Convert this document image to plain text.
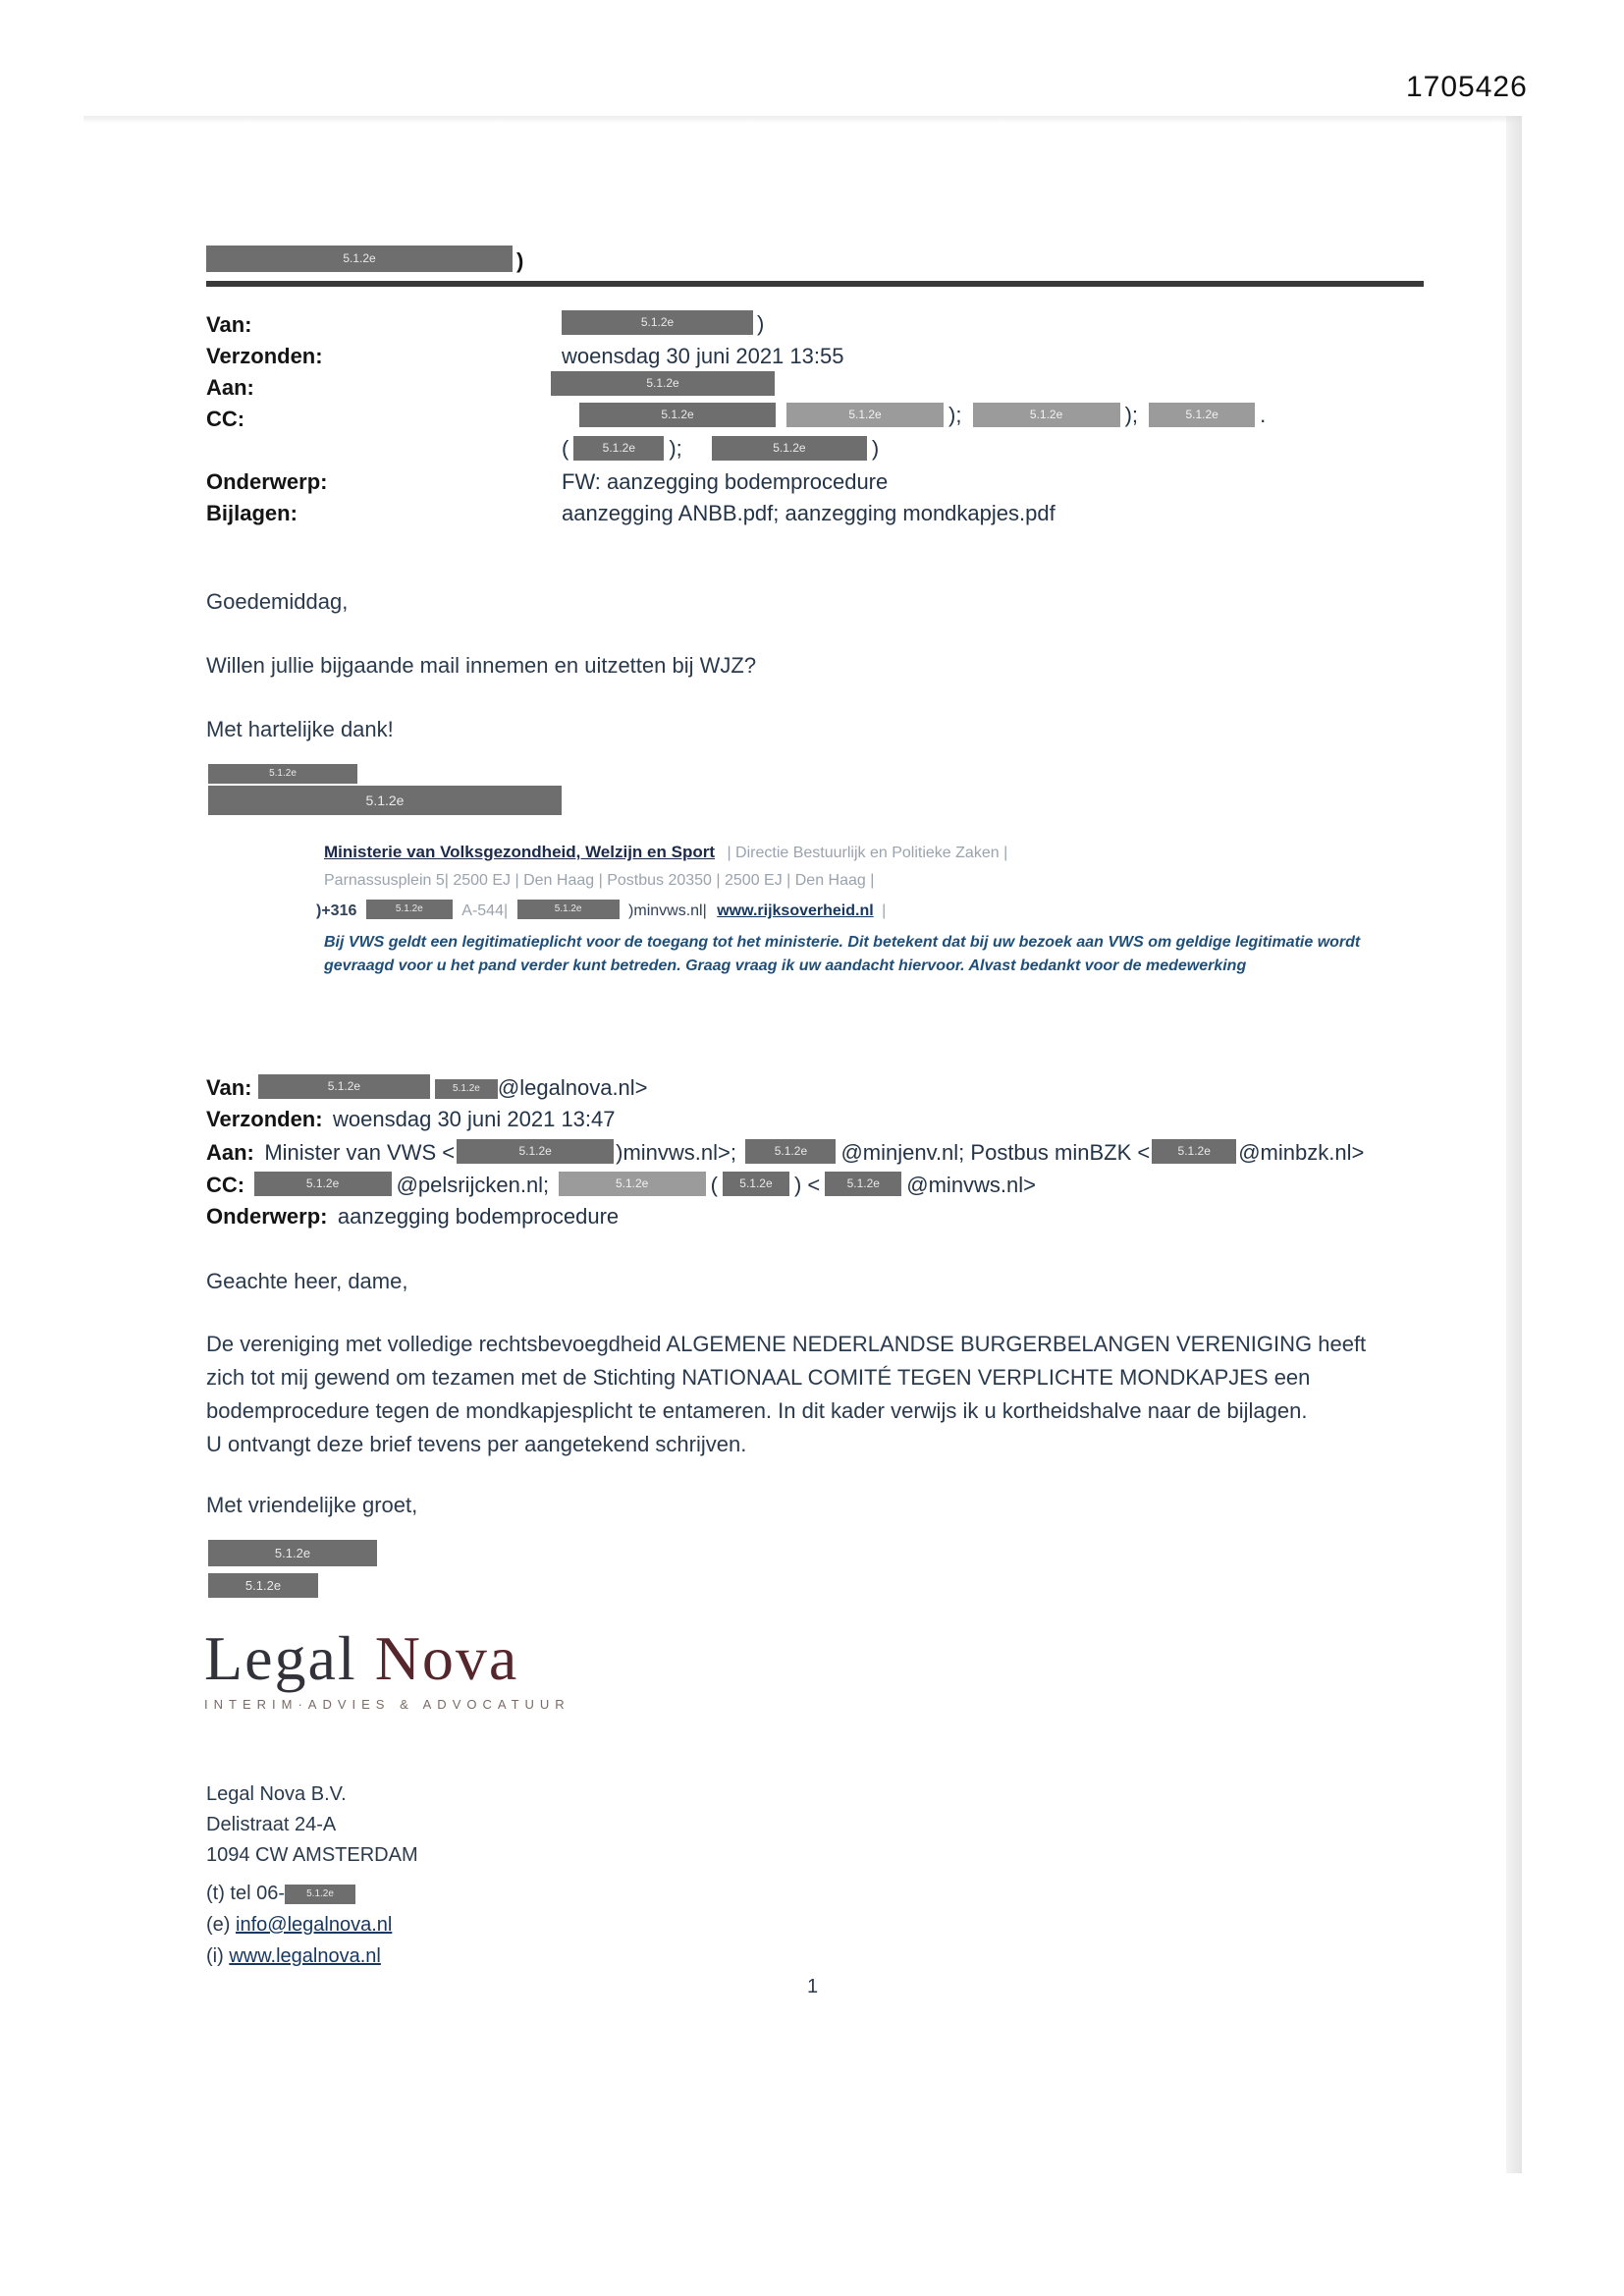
1705426
5.1.2e	)
Van:	5.1.2e	)
Verzonden:	woensdag 30 juni 2021 13:55
Aan:	5.1.2e
CC:	5.1.2e	5.1.2e	);	5.1.2e	);	5.1.2e .
(	5.1.2e );	5.1.2e	)
Onderwerp:	FW: aanzegging bodemprocedure
Bijlagen:	aanzegging ANBB.pdf; aanzegging mondkapjes.pdf
Goedemiddag,
Willen jullie bijgaande mail innemen en uitzetten bij WJZ?
Met hartelijke dank!
5.1.2e
5.1.2e
Ministerie van Volksgezondheid, Welzijn en Sport | Directie Bestuurlijk en Politieke Zaken |
Parnassusplein 5| 2500 EJ | Den Haag | Postbus 20350 | 2500 EJ | Den Haag |
)+316	5.1.2e A-544|	5.1.2e	)minvws.nl| www.rijksoverheid.nl |
Bij VWS geldt een legitimatieplicht voor de toegang tot het ministerie. Dit betekent dat bij uw bezoek aan VWS om geldige legitimatie wordt gevraagd voor u het pand verder kunt betreden. Graag vraag ik uw aandacht hiervoor. Alvast bedankt voor de medewerking
Van:	5.1.2e	5.1.2e @legalnova.nl>
Verzonden: woensdag 30 juni 2021 13:47
Aan: Minister van VWS <	5.1.2e	)minvws.nl>;	5.1.2e @minjenv.nl; Postbus minBZK < 5.1.2e @minbzk.nl>
CC:	5.1.2e	@pelsrijcken.nl;	5.1.2e	( 5.1.2e ) < 5.1.2e @minvws.nl>
Onderwerp: aanzegging bodemprocedure
Geachte heer, dame,
De vereniging met volledige rechtsbevoegdheid ALGEMENE NEDERLANDSE BURGERBELANGEN VERENIGING heeft
zich tot mij gewend om tezamen met de Stichting NATIONAAL COMITÉ TEGEN VERPLICHTE MONDKAPJES een
bodemprocedure tegen de mondkapjesplicht te entameren. In dit kader verwijs ik u kortheidshalve naar de bijlagen.
U ontvangt deze brief tevens per aangetekend schrijven.
Met vriendelijke groet,
5.1.2e
5.1.2e
Legal Nova
INTERIM·ADVIES & ADVOCATUUR
Legal Nova B.V.
Delistraat 24-A
1094 CW AMSTERDAM
(t) tel 06- 5.1.2e
(e) info@legalnova.nl
(i) www.legalnova.nl
1
